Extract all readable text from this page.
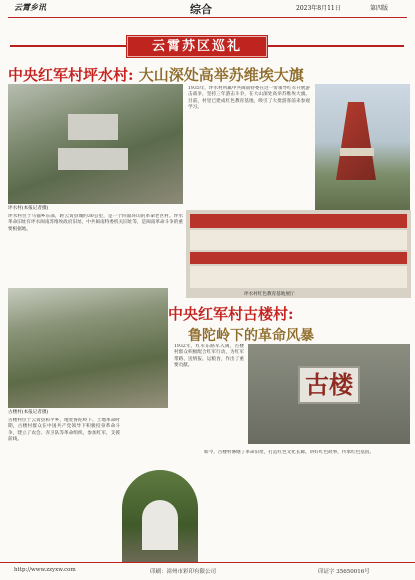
云霄乡讯	综合	2023年8月11日	第四版
云霄苏区巡礼
中央红军村坪水村: 大山深处高举苏维埃大旗
坪水村(本报记者摄)
坪水村位于马铺乡东部，距云霄县城约30公里，是一个四面环山的革命老区村。坪水革命旧址有坪水闽南苏维埃政府旧址、中共闽南特委机关旧址等，是闽南革命斗争的重要根据地。
1935年，坪水村所属中共闽南特委在这一带领导红军开展游击战争，坚持三年游击斗争，在大山深处高举苏维埃大旗。目前，村里已建成红色教育基地，吸引了大批游客前来参观学习。
坪水村红色教育基地展厅
中央红军村古楼村:
鲁陀岭下的革命风暴
古楼村(本报记者摄)
古楼
古楼村位于云霄县和平乡，地处鲁陀岭下。土地革命时期，古楼村群众在中国共产党领导下积极投身革命斗争，建立了农会、赤卫队等革命组织，参加红军，支援前线。
1932年，红军东路军入闽，古楼村群众积极配合红军行动，为红军带路、送情报、运粮食，作出了重要贡献。
如今，古楼村修缮了革命旧址，打造红色文化长廊，讲好红色故事，传承红色基因。
http://www.zzyxw.com	印刷：漳州市彩印有限公司	印证字 35650016号
